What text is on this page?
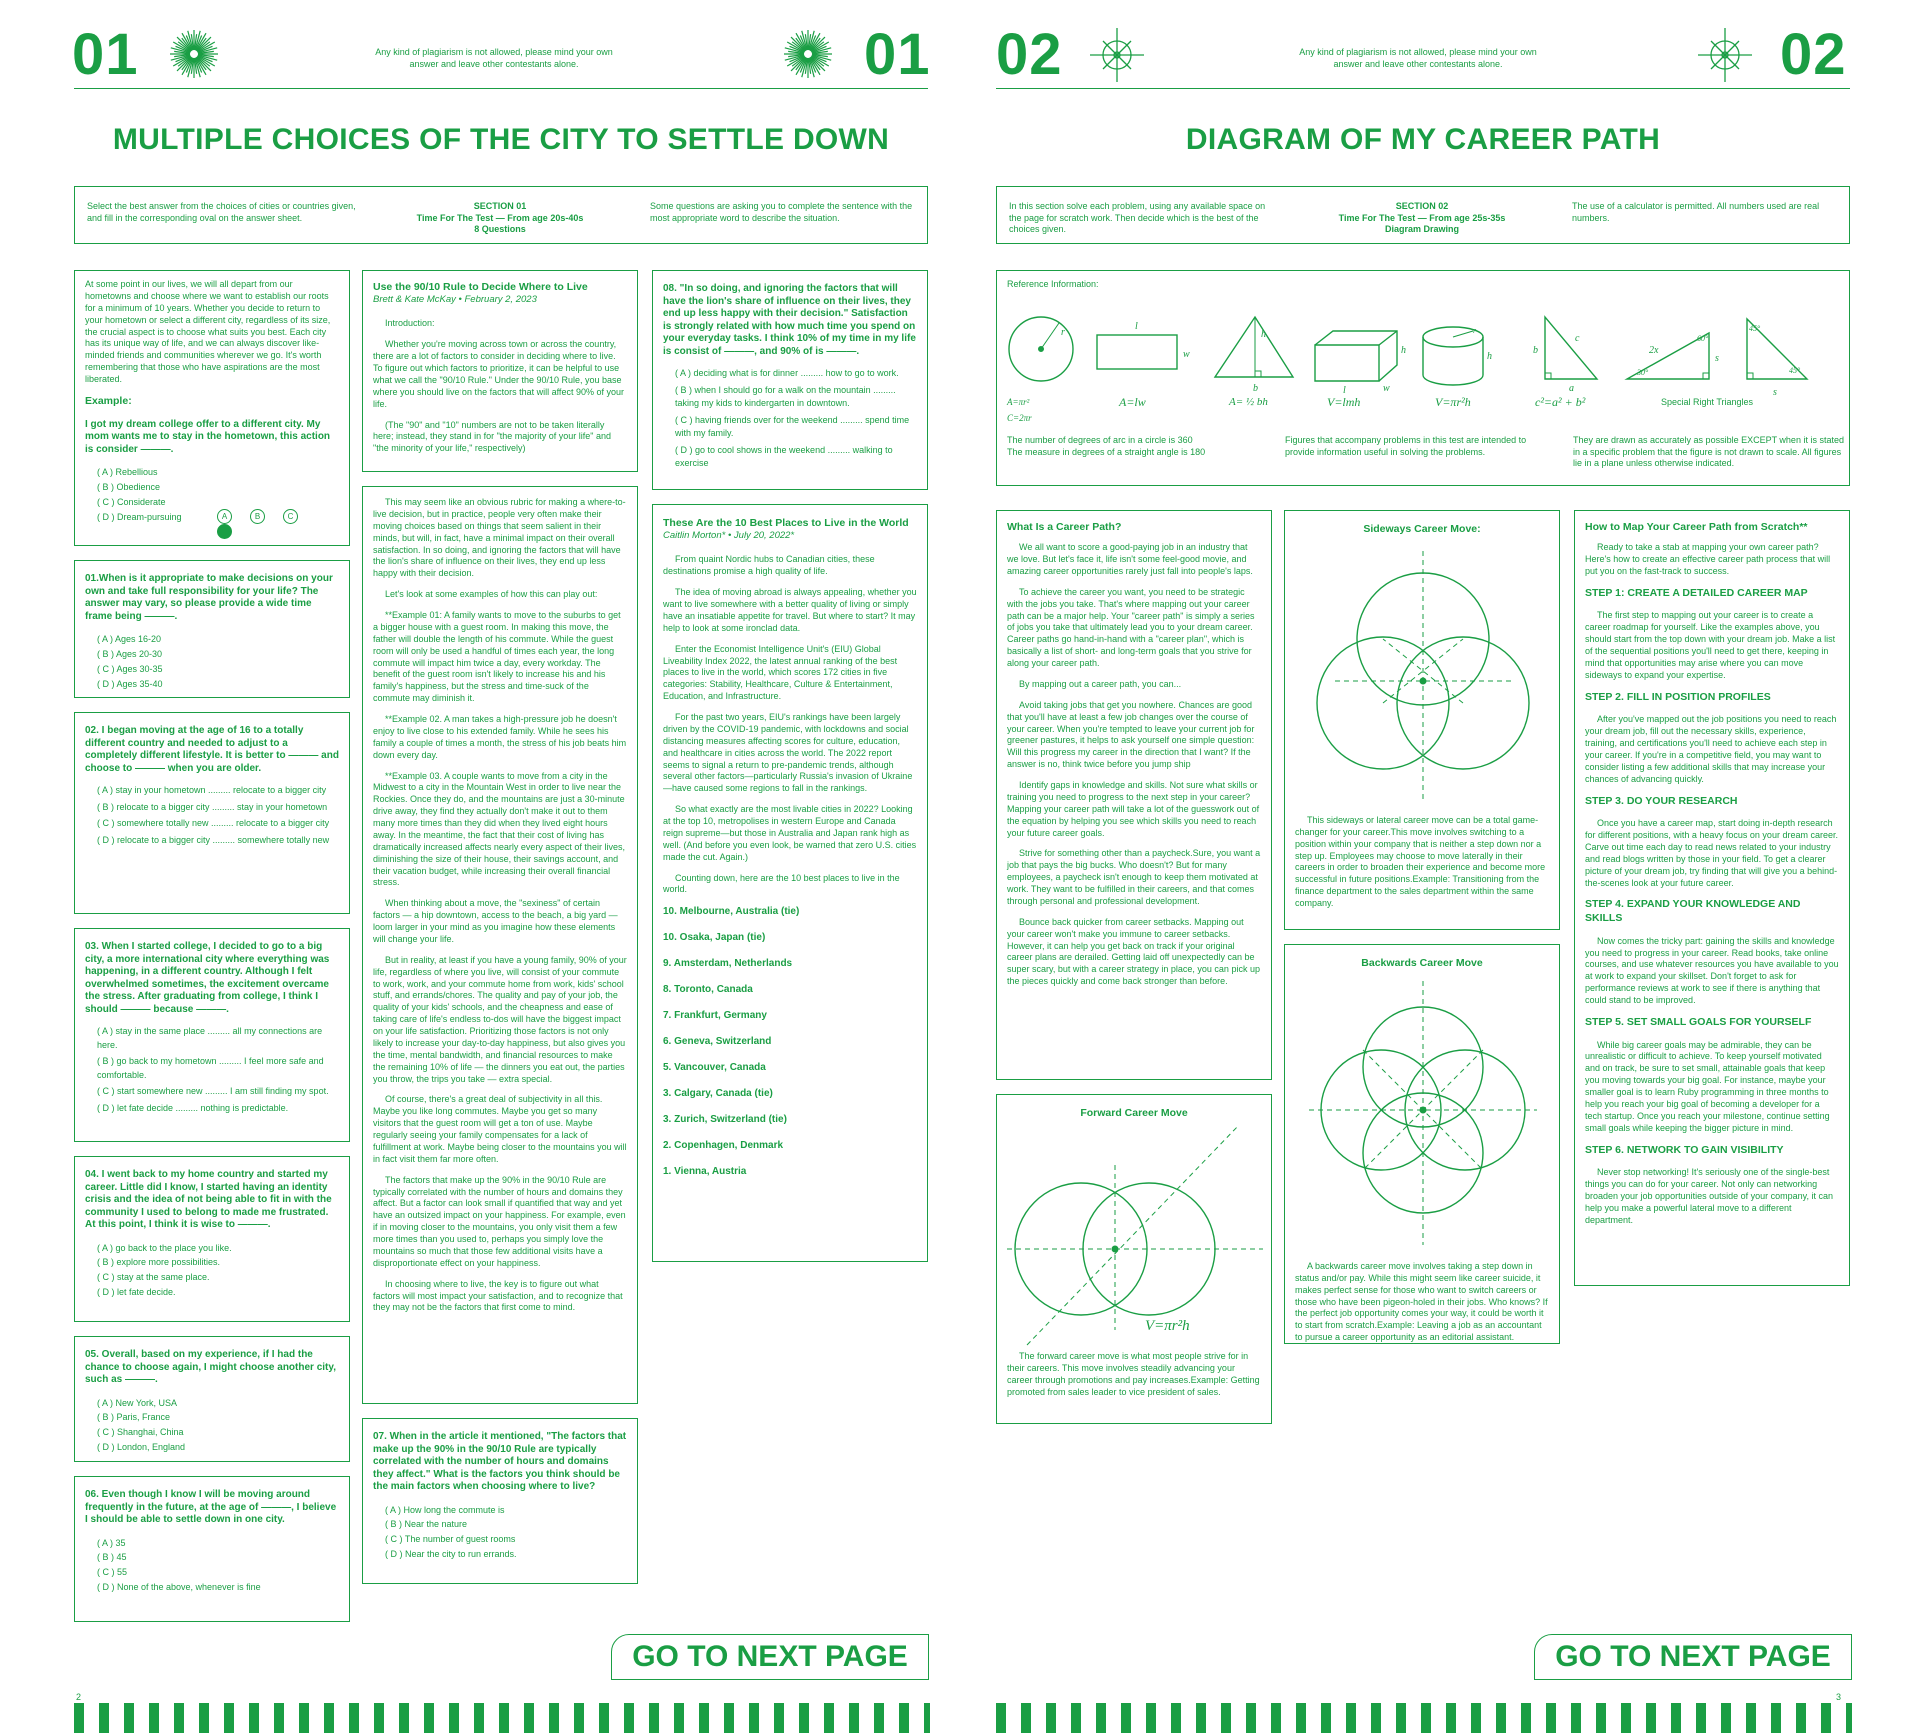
01	Any kind of plagiarism is not allowed, please mind your own answer and leave other contestants alone.	01
MULTIPLE CHOICES OF THE CITY TO SETTLE DOWN
Select the best answer from the choices of cities or countries given, and fill in the corresponding oval on the answer sheet.
SECTION 01
Time For The Test — From age 20s-40s
8 Questions
Some questions are asking you to complete the sentence with the most appropriate word to describe the situation.

At some point in our lives, we will all depart from our hometowns and choose where we want to establish our roots for a minimum of 10 years. Whether you decide to return to your hometown or select a different city, regardless of its size, the crucial aspect is to choose what suits you best. Each city has its unique way of life, and we can always discover like-minded friends and communities wherever we go. It's worth remembering that those who have aspirations are the most liberated.

Example:
I got my dream college offer to a different city. My mom wants me to stay in the hometown, this action is consider ———.
( A ) Rebellious
( B ) Obedience
( C ) Considerate
( D ) Dream-pursuing	A	B	C
01.When is it appropriate to make decisions on your own and take full responsibility for your life? The answer may vary, so please provide a wide time frame being ———.
( A ) Ages 16-20
( B ) Ages 20-30
( C ) Ages 30-35
( D ) Ages 35-40
02. I began moving at the age of 16 to a totally different country and needed to adjust to a completely different lifestyle. It is better to ——— and choose to ——— when you are older.
( A ) stay in your hometown ......... relocate to a bigger city
( B ) relocate to a bigger city ......... stay in your hometown
( C ) somewhere totally new ......... relocate to a bigger city
( D ) relocate to a bigger city ......... somewhere totally new
03. When I started college, I decided to go to a big city, a more international city where everything was happening, in a different country. Although I felt overwhelmed sometimes, the excitement overcame the stress. After graduating from college, I think I should ——— because ———.
( A ) stay in the same place ......... all my connections are here.
( B ) go back to my hometown ......... I feel more safe and comfortable.
( C ) start somewhere new ......... I am still finding my spot.
( D ) let fate decide ......... nothing is predictable.
04. I went back to my home country and started my career. Little did I know, I started having an identity crisis and the idea of not being able to fit in with the community I used to belong to made me frustrated. At this point, I think it is wise to ———.
( A ) go back to the place you like.
( B ) explore more possibilities.
( C ) stay at the same place.
( D ) let fate decide.
05. Overall, based on my experience, if I had the chance to choose again, I might choose another city, such as ———.
( A ) New York, USA
( B ) Paris, France
( C ) Shanghai, China
( D ) London, England
06. Even though I know I will be moving around frequently in the future, at the age of ———, I believe I should be able to settle down in one city.
( A ) 35
( B ) 45
( C ) 55
( D ) None of the above, whenever is fine
Use the 90/10 Rule to Decide Where to Live
Brett & Kate McKay • February 2, 2023

Introduction:

Whether you're moving across town or across the country, there are a lot of factors to consider in deciding where to live. To figure out which factors to prioritize, it can be helpful to use what we call the "90/10 Rule." Under the 90/10 Rule, you base where you should live on the factors that will affect 90% of your life.

(The "90" and "10" numbers are not to be taken literally here; instead, they stand in for "the majority of your life" and "the minority of your life," respectively)

This may seem like an obvious rubric for making a where-to-live decision, but in practice, people very often make their moving choices based on things that seem salient in their minds, but will, in fact, have a minimal impact on their overall satisfaction. In so doing, and ignoring the factors that will have the lion's share of influence on their lives, they end up less happy with their decision.

Let's look at some examples of how this can play out:

**Example 01: A family wants to move to the suburbs to get a bigger house with a guest room. In making this move, the father will double the length of his commute. While the guest room will only be used a handful of times each year, the long commute will impact him twice a day, every workday. The benefit of the guest room isn't likely to increase his and his family's happiness, but the stress and time-suck of the commute may diminish it.

**Example 02. A man takes a high-pressure job he doesn't enjoy to live close to his extended family. While he sees his family a couple of times a month, the stress of his job beats him down every day.

**Example 03. A couple wants to move from a city in the Midwest to a city in the Mountain West in order to live near the Rockies. Once they do, and the mountains are just a 30-minute drive away, they find they actually don't make it out to them many more times than they did when they lived eight hours away. In the meantime, the fact that their cost of living has dramatically increased affects nearly every aspect of their lives, diminishing the size of their house, their savings account, and their vacation budget, while increasing their overall financial stress.

When thinking about a move, the "sexiness" of certain factors — a hip downtown, access to the beach, a big yard — loom larger in your mind as you imagine how these elements will change your life.

But in reality, at least if you have a young family, 90% of your life, regardless of where you live, will consist of your commute to work, work, and your commute home from work, kids' school stuff, and errands/chores. The quality and pay of your job, the quality of your kids' schools, and the cheapness and ease of taking care of life's endless to-dos will have the biggest impact on your life satisfaction. Prioritizing those factors is not only likely to increase your day-to-day happiness, but also gives you the time, mental bandwidth, and financial resources to make the remaining 10% of life — the dinners you eat out, the parties you throw, the trips you take — extra special.

Of course, there's a great deal of subjectivity in all this. Maybe you like long commutes. Maybe you get so many visitors that the guest room will get a ton of use. Maybe regularly seeing your family compensates for a lack of fulfillment at work. Maybe being closer to the mountains you will in fact visit them far more often.

The factors that make up the 90% in the 90/10 Rule are typically correlated with the number of hours and domains they affect. But a factor can look small if quantified that way and yet have an outsized impact on your happiness. For example, even if in moving closer to the mountains, you only visit them a few more times than you used to, perhaps you simply love the mountains so much that those few additional visits have a disproportionate effect on your happiness.

In choosing where to live, the key is to figure out what factors will most impact your satisfaction, and to recognize that they may not be the factors that first come to mind.

07. When in the article it mentioned, "The factors that make up the 90% in the 90/10 Rule are typically correlated with the number of hours and domains they affect." What is the factors you think should be the main factors when choosing where to live?
( A ) How long the commute is
( B ) Near the nature
( C ) The number of guest rooms
( D ) Near the city to run errands.
08. "In so doing, and ignoring the factors that will have the lion's share of influence on their lives, they end up less happy with their decision." Satisfaction is strongly related with how much time you spend on your everyday tasks. I think 10% of my time in my life is consist of ———, and 90% of is ———.
( A ) deciding what is for dinner ......... how to go to work.
( B ) when I should go for a walk on the mountain ......... taking my kids to kindergarten in downtown.
( C ) having friends over for the weekend ......... spend time with my family.
( D ) go to cool shows in the weekend ......... walking to exercise
These Are the 10 Best Places to Live in the World
Caitlin Morton* • July 20, 2022*

From quaint Nordic hubs to Canadian cities, these destinations promise a high quality of life.

The idea of moving abroad is always appealing, whether you want to live somewhere with a better quality of living or simply have an insatiable appetite for travel. But where to start? It may help to look at some ironclad data.

Enter the Economist Intelligence Unit's (EIU) Global Liveability Index 2022, the latest annual ranking of the best places to live in the world, which scores 172 cities in five categories: Stability, Healthcare, Culture & Entertainment, Education, and Infrastructure.

For the past two years, EIU's rankings have been largely driven by the COVID-19 pandemic, with lockdowns and social distancing measures affecting scores for culture, education, and healthcare in cities across the world. The 2022 report seems to signal a return to pre-pandemic trends, although several other factors—particularly Russia's invasion of Ukraine—have caused some regions to fall in the rankings.

So what exactly are the most livable cities in 2022? Looking at the top 10, metropolises in western Europe and Canada reign supreme—but those in Australia and Japan rank high as well. (And before you even look, be warned that zero U.S. cities made the cut. Again.)

Counting down, here are the 10 best places to live in the world.

10. Melbourne, Australia (tie)
10. Osaka, Japan (tie)
9. Amsterdam, Netherlands
8. Toronto, Canada
7. Frankfurt, Germany
6. Geneva, Switzerland
5. Vancouver, Canada
3. Calgary, Canada (tie)
3. Zurich, Switzerland (tie)
2. Copenhagen, Denmark
1. Vienna, Austria
GO TO NEXT PAGE
2
02	Any kind of plagiarism is not allowed, please mind your own answer and leave other contestants alone.	02
DIAGRAM OF MY CAREER PATH
In this section solve each problem, using any available space on the page for scratch work. Then decide which is the best of the choices given.
SECTION 02
Time For The Test — From age 25s-35s
Diagram Drawing
The use of a calculator is permitted. All numbers used are real numbers.
Reference Information:
r
l
w
h
b
h
l	w
r
h
b
c
a
2x
60°
30°
s
45°
45°
s
A=πr²
C=2πr
A=lw	A= ½ bh	V=lmh	V=πr²h	c²=a² + b²	Special Right Triangles
The number of degrees of arc in a circle is 360
The measure in degrees of a straight angle is 180
Figures that accompany problems in this test are intended to provide information useful in solving the problems.
They are drawn as accurately as possible EXCEPT when it is stated in a specific problem that the figure is not drawn to scale. All figures lie in a plane unless otherwise indicated.
What Is a Career Path?

We all want to score a good-paying job in an industry that we love. But let's face it, life isn't some feel-good movie, and amazing career opportunities rarely just fall into people's laps.

To achieve the career you want, you need to be strategic with the jobs you take. That's where mapping out your career path can be a major help. Your "career path" is simply a series of jobs you take that ultimately lead you to your dream career. Career paths go hand-in-hand with a "career plan", which is basically a list of short- and long-term goals that you strive for along your career path.

By mapping out a career path, you can...

Avoid taking jobs that get you nowhere. Chances are good that you'll have at least a few job changes over the course of your career. When you're tempted to leave your current job for greener pastures, it helps to ask yourself one simple question: Will this progress my career in the direction that I want? If the answer is no, think twice before you jump ship

Identify gaps in knowledge and skills. Not sure what skills or training you need to progress to the next step in your career? Mapping your career path will take a lot of the guesswork out of the equation by helping you see which skills you need to reach your future career goals.

Strive for something other than a paycheck.Sure, you want a job that pays the big bucks. Who doesn't? But for many employees, a paycheck isn't enough to keep them motivated at work. They want to be fulfilled in their careers, and that comes through personal and professional development.

Bounce back quicker from career setbacks. Mapping out your career won't make you immune to career setbacks. However, it can help you get back on track if your original career plans are derailed. Getting laid off unexpectedly can be super scary, but with a career strategy in place, you can pick up the pieces quickly and come back stronger than before.

Forward Career Move
V=πr²h

The forward career move is what most people strive for in their careers. This move involves steadily advancing your career through promotions and pay increases.Example: Getting promoted from sales leader to vice president of sales.

Sideways Career Move:

This sideways or lateral career move can be a total game-changer for your career.This move involves switching to a position within your company that is neither a step down nor a step up. Employees may choose to move laterally in their careers in order to broaden their experience and become more successful in future positions.Example: Transitioning from the finance department to the sales department within the same company.

Backwards Career Move

A backwards career move involves taking a step down in status and/or pay. While this might seem like career suicide, it makes perfect sense for those who want to switch careers or those who have been pigeon-holed in their jobs. Who knows? If the perfect job opportunity comes your way, it could be worth it to start from scratch.Example: Leaving a job as an accountant to pursue a career opportunity as an editorial assistant.

How to Map Your Career Path from Scratch**

Ready to take a stab at mapping your own career path? Here's how to create an effective career path process that will put you on the fast-track to success.

STEP 1: CREATE A DETAILED CAREER MAP

The first step to mapping out your career is to create a career roadmap for yourself. Like the examples above, you should start from the top down with your dream job. Make a list of the sequential positions you'll need to get there, keeping in mind that opportunities may arise where you can move sideways to expand your expertise.

STEP 2. FILL IN POSITION PROFILES

After you've mapped out the job positions you need to reach your dream job, fill out the necessary skills, experience, training, and certifications you'll need to achieve each step in your career. If you're in a competitive field, you may want to consider listing a few additional skills that may increase your chances of advancing quickly.

STEP 3. DO YOUR RESEARCH

Once you have a career map, start doing in-depth research for different positions, with a heavy focus on your dream career. Carve out time each day to read news related to your industry and read blogs written by those in your field. To get a clearer picture of your dream job, try finding that will give you a behind-the-scenes look at your future career.

STEP 4. EXPAND YOUR KNOWLEDGE AND SKILLS

Now comes the tricky part: gaining the skills and knowledge you need to progress in your career. Read books, take online courses, and use whatever resources you have available to you at work to expand your skillset. Don't forget to ask for performance reviews at work to see if there is anything that could stand to be improved.

STEP 5. SET SMALL GOALS FOR YOURSELF

While big career goals may be admirable, they can be unrealistic or difficult to achieve. To keep yourself motivated and on track, be sure to set small, attainable goals that keep you moving towards your big goal. For instance, maybe your smaller goal is to learn Ruby programming in three months to help you reach your big goal of becoming a developer for a tech startup. Once you reach your milestone, continue setting small goals while keeping the bigger picture in mind.

STEP 6. NETWORK TO GAIN VISIBILITY

Never stop networking! It's seriously one of the single-best things you can do for your career. Not only can networking broaden your job opportunities outside of your company, it can help you make a powerful lateral move to a different department.

GO TO NEXT PAGE
3
